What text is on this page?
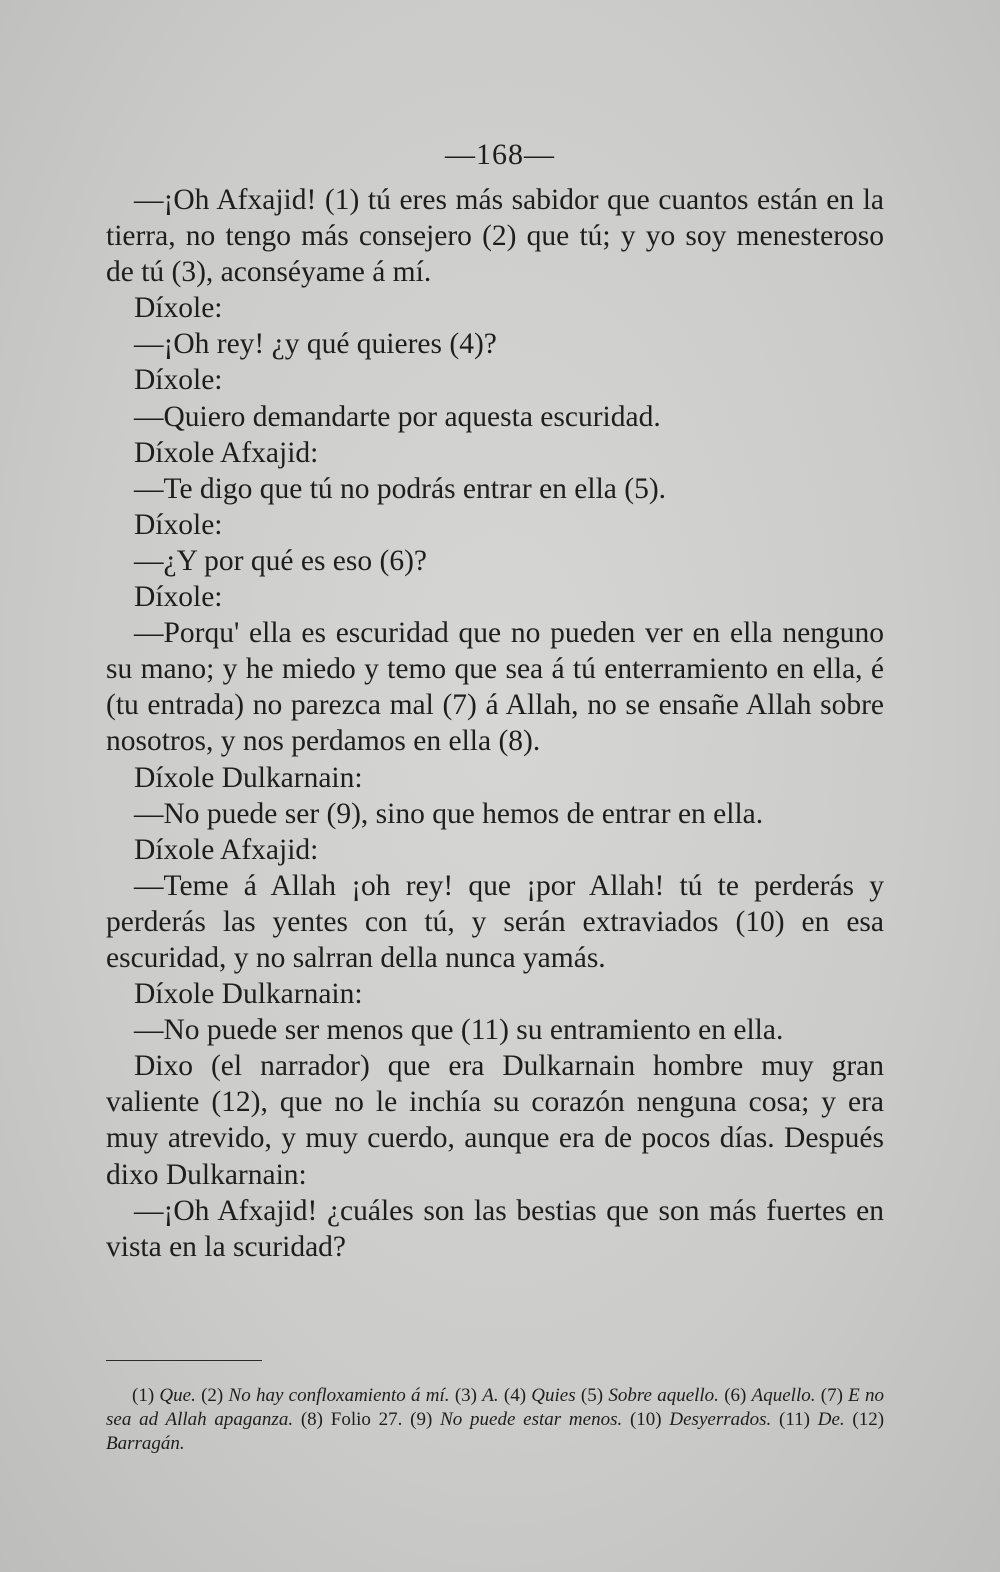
—168—

—¡Oh Afxajid! (1) tú eres más sabidor que cuantos están en la tierra, no tengo más consejero (2) que tú; y yo soy menesteroso de tú (3), aconséyame á mí.

Díxole:

—¡Oh rey! ¿y qué quieres (4)?

Díxole:

—Quiero demandarte por aquesta escuridad.

Díxole Afxajid:

—Te digo que tú no podrás entrar en ella (5).

Díxole:

—¿Y por qué es eso (6)?

Díxole:

—Porqu' ella es escuridad que no pueden ver en ella nenguno su mano; y he miedo y temo que sea á tú enterramiento en ella, é (tu entrada) no parezca mal (7) á Allah, no se ensañe Allah sobre nosotros, y nos perdamos en ella (8).

Díxole Dulkarnain:

—No puede ser (9), sino que hemos de entrar en ella.

Díxole Afxajid:

—Teme á Allah ¡oh rey! que ¡por Allah! tú te perderás y perderás las yentes con tú, y serán extraviados (10) en esa escuridad, y no salrran della nunca yamás.

Díxole Dulkarnain:

—No puede ser menos que (11) su entramiento en ella.

Dixo (el narrador) que era Dulkarnain hombre muy gran valiente (12), que no le inchía su corazón nenguna cosa; y era muy atrevido, y muy cuerdo, aunque era de pocos días. Después dixo Dulkarnain:

—¡Oh Afxajid! ¿cuáles son las bestias que son más fuertes en vista en la scuridad?

(1) Que. (2) No hay confloxamiento á mí. (3) A. (4) Quies (5) Sobre aquello. (6) Aquello. (7) E no sea ad Allah apaganza. (8) Folio 27. (9) No puede estar menos. (10) Desyerrados. (11) De. (12) Barragán.
